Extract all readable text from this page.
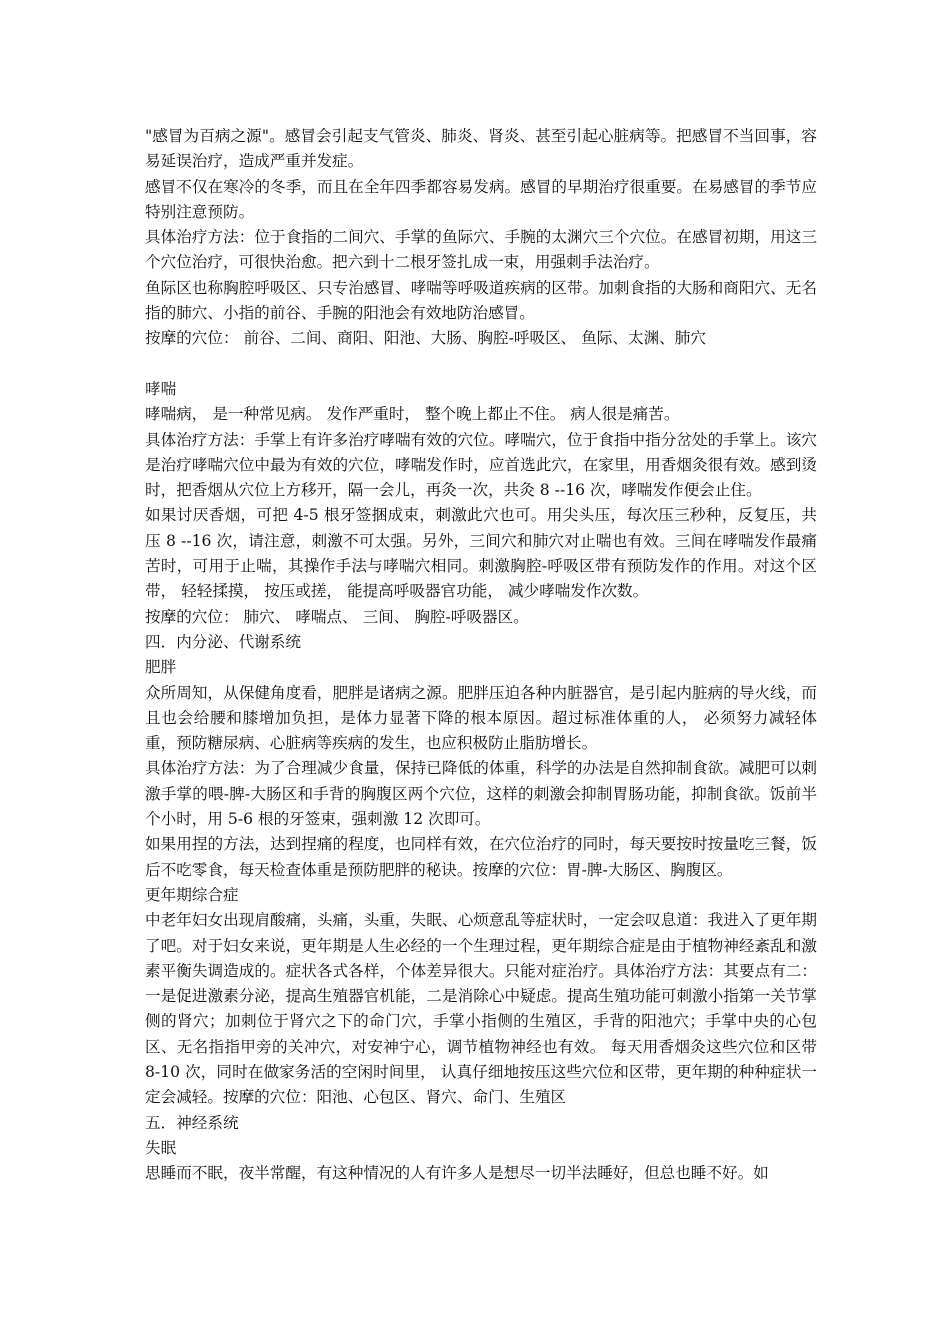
"感冒为百病之源"。感冒会引起支气管炎、肺炎、肾炎、甚至引起心脏病等。把感冒不当回事，容易延误治疗，造成严重并发症。

感冒不仅在寒冷的冬季，而且在全年四季都容易发病。感冒的早期治疗很重要。在易感冒的季节应特别注意预防。

具体治疗方法：位于食指的二间穴、手掌的鱼际穴、手腕的太渊穴三个穴位。在感冒初期，用这三个穴位治疗，可很快治愈。把六到十二根牙签扎成一束，用强刺手法治疗。

鱼际区也称胸腔呼吸区、只专治感冒、哮喘等呼吸道疾病的区带。加刺食指的大肠和商阳穴、无名指的肺穴、小指的前谷、手腕的阳池会有效地防治感冒。

按摩的穴位： 前谷、二间、商阳、阳池、大肠、胸腔-呼吸区、 鱼际、太渊、肺穴

哮喘

哮喘病， 是一种常见病。 发作严重时， 整个晚上都止不住。 病人很是痛苦。

具体治疗方法：手掌上有许多治疗哮喘有效的穴位。哮喘穴，位于食指中指分岔处的手掌上。该穴是治疗哮喘穴位中最为有效的穴位，哮喘发作时，应首选此穴，在家里，用香烟灸很有效。感到烫时，把香烟从穴位上方移开，隔一会儿，再灸一次，共灸 8 --16 次，哮喘发作便会止住。

如果讨厌香烟，可把 4-5 根牙签捆成束，刺激此穴也可。用尖头压，每次压三秒种，反复压，共压 8 --16 次，请注意，刺激不可太强。另外，三间穴和肺穴对止喘也有效。三间在哮喘发作最痛苦时，可用于止喘，其操作手法与哮喘穴相同。刺激胸腔-呼吸区带有预防发作的作用。对这个区带， 轻轻揉摸， 按压或搓， 能提高呼吸器官功能， 减少哮喘发作次数。

按摩的穴位： 肺穴、 哮喘点、 三间、 胸腔-呼吸器区。

四．内分泌、代谢系统

肥胖

众所周知，从保健角度看，肥胖是诸病之源。肥胖压迫各种内脏器官，是引起内脏病的导火线，而且也会给腰和膝增加负担，是体力显著下降的根本原因。超过标准体重的人， 必须努力减轻体重，预防糖尿病、心脏病等疾病的发生，也应积极防止脂肪增长。

具体治疗方法：为了合理减少食量，保持已降低的体重，科学的办法是自然抑制食欲。减肥可以刺激手掌的喂-脾-大肠区和手背的胸腹区两个穴位，这样的刺激会抑制胃肠功能，抑制食欲。饭前半个小时，用 5-6 根的牙签束，强刺激 12 次即可。

如果用捏的方法，达到捏痛的程度，也同样有效，在穴位治疗的同时，每天要按时按量吃三餐，饭后不吃零食，每天检查体重是预防肥胖的秘诀。按摩的穴位：胃-脾-大肠区、胸腹区。

更年期综合症

中老年妇女出现肩酸痛，头痛，头重，失眠、心烦意乱等症状时，一定会叹息道：我进入了更年期了吧。对于妇女来说，更年期是人生必经的一个生理过程，更年期综合症是由于植物神经紊乱和激素平衡失调造成的。症状各式各样，个体差异很大。只能对症治疗。具体治疗方法：其要点有二：一是促进激素分泌，提高生殖器官机能，二是消除心中疑虑。提高生殖功能可刺激小指第一关节掌侧的肾穴；加刺位于肾穴之下的命门穴，手掌小指侧的生殖区，手背的阳池穴；手掌中央的心包区、无名指指甲旁的关冲穴，对安神宁心，调节植物神经也有效。 每天用香烟灸这些穴位和区带 8-10 次，同时在做家务活的空闲时间里， 认真仔细地按压这些穴位和区带，更年期的种种症状一定会减轻。按摩的穴位：阳池、心包区、肾穴、命门、生殖区

五．神经系统

失眠

思睡而不眠，夜半常醒，有这种情况的人有许多人是想尽一切半法睡好，但总也睡不好。如
